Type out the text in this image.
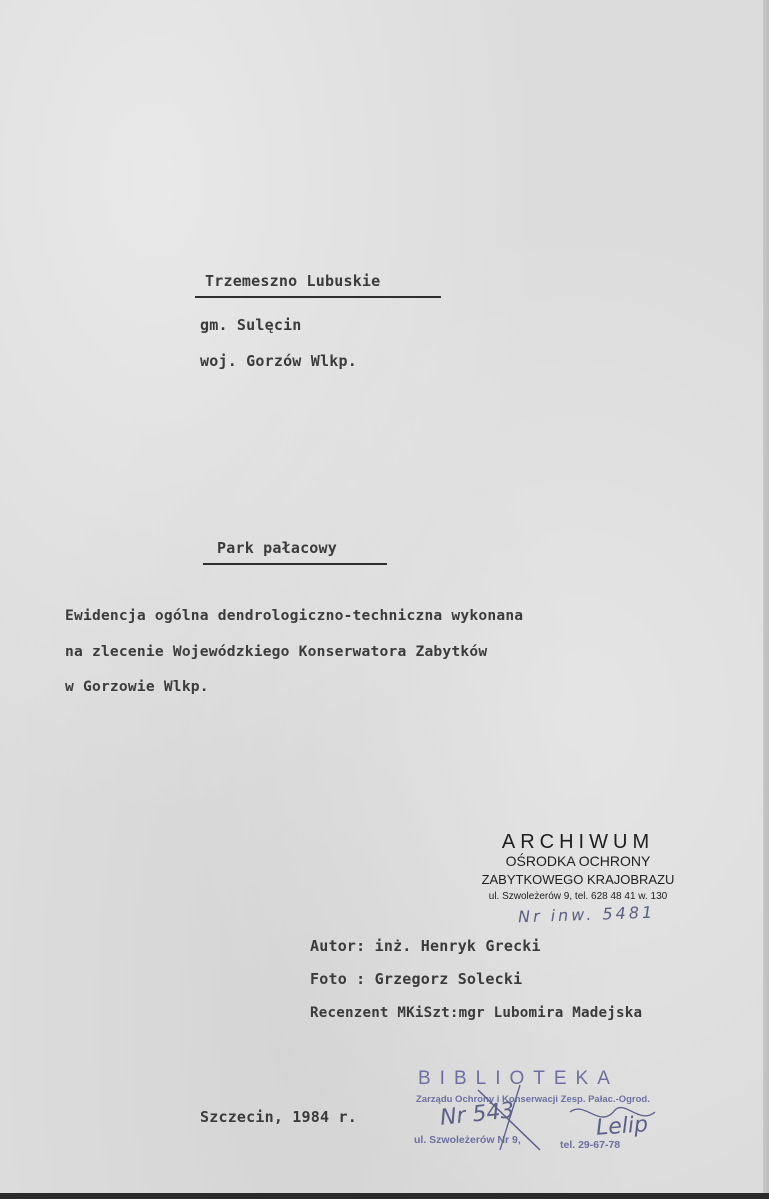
Trzemeszno Lubuskie
gm. Sulęcin
woj. Gorzów Wlkp.
Park pałacowy
Ewidencja ogólna dendrologiczno-techniczna wykonana
na zlecenie Wojewódzkiego Konserwatora Zabytków
w Gorzowie Wlkp.
ARCHIWUM
OŚRODKA OCHRONY
ZABYTKOWEGO KRAJOBRAZU
ul. Szwoleżerów 9, tel. 628 48 41 w. 130
Nr inw. 5481
Autor: inż. Henryk Grecki
Foto : Grzegorz Solecki
Recenzent MKiSzt:mgr Lubomira Madejska
Szczecin, 1984 r.
BIBLIOTEKA
Zarządu Ochrony i Konserwacji Zesp. Pałac.-Ogrod.
ul. Szwoleżerów Nr 9,	tel. 29-67-78
Nr 543	Lelip
